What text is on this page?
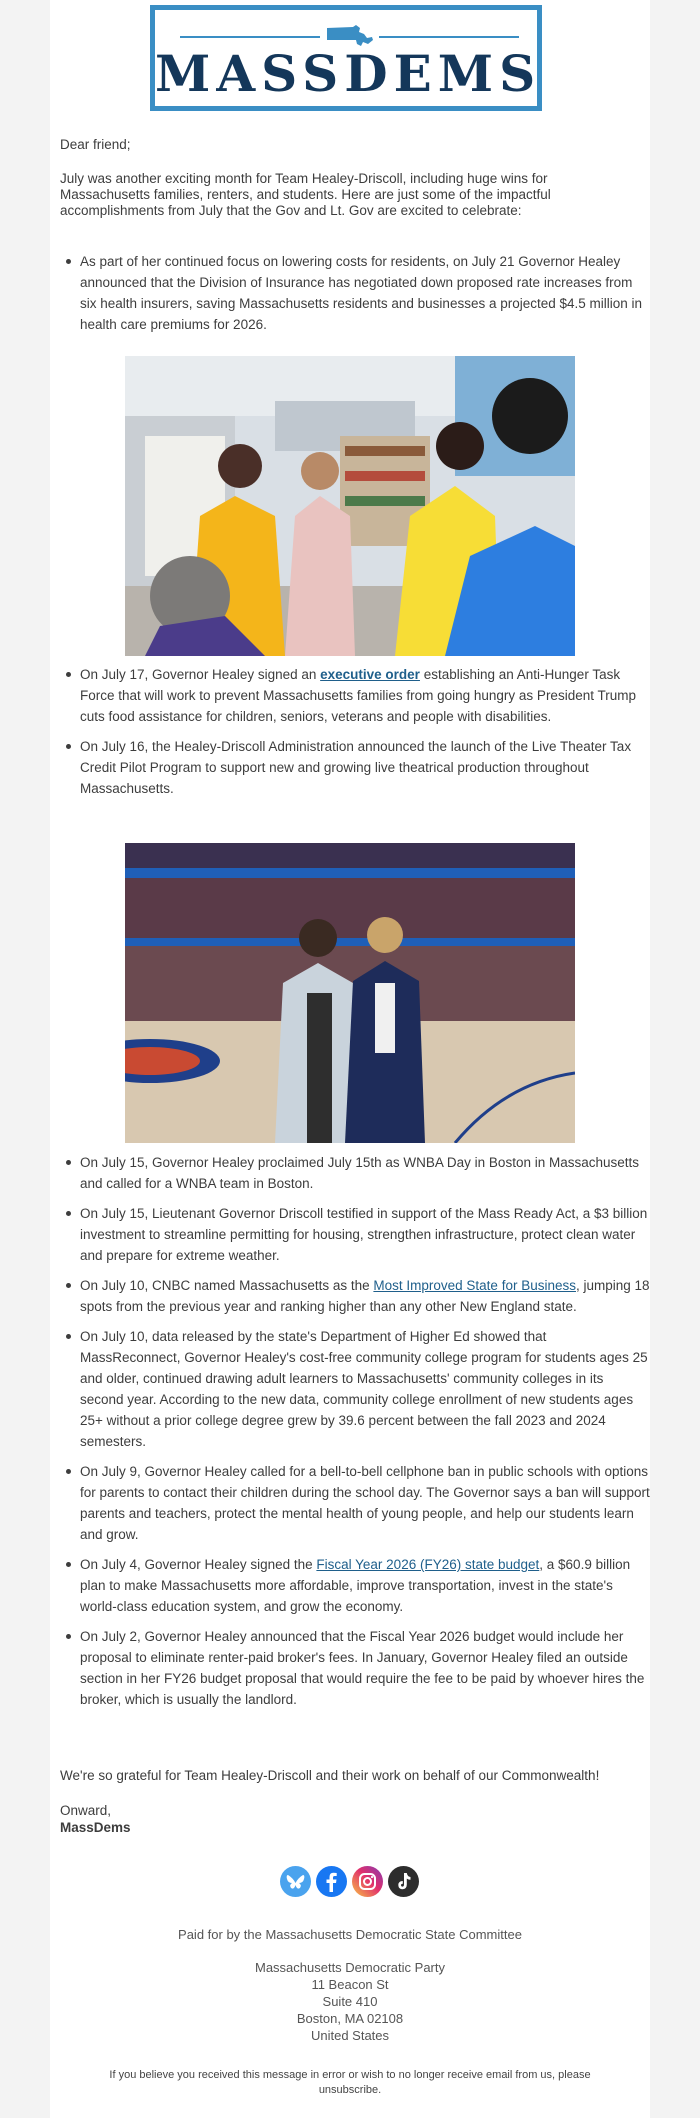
MASSDEMS

Dear friend;

July was another exciting month for Team Healey-Driscoll, including huge wins for Massachusetts families, renters, and students. Here are just some of the impactful accomplishments from July that the Gov and Lt. Gov are excited to celebrate:

As part of her continued focus on lowering costs for residents, on July 21 Governor Healey announced that the Division of Insurance has negotiated down proposed rate increases from six health insurers, saving Massachusetts residents and businesses a projected $4.5 million in health care premiums for 2026.
On July 17, Governor Healey signed an executive order establishing an Anti-Hunger Task Force that will work to prevent Massachusetts families from going hungry as President Trump cuts food assistance for children, seniors, veterans and people with disabilities.
On July 16, the Healey-Driscoll Administration announced the launch of the Live Theater Tax Credit Pilot Program to support new and growing live theatrical production throughout Massachusetts.
On July 15, Governor Healey proclaimed July 15th as WNBA Day in Boston in Massachusetts and called for a WNBA team in Boston.
On July 15, Lieutenant Governor Driscoll testified in support of the Mass Ready Act, a $3 billion investment to streamline permitting for housing, strengthen infrastructure, protect clean water and prepare for extreme weather.
On July 10, CNBC named Massachusetts as the Most Improved State for Business, jumping 18 spots from the previous year and ranking higher than any other New England state.
On July 10, data released by the state's Department of Higher Ed showed that MassReconnect, Governor Healey's cost-free community college program for students ages 25 and older, continued drawing adult learners to Massachusetts' community colleges in its second year. According to the new data, community college enrollment of new students ages 25+ without a prior college degree grew by 39.6 percent between the fall 2023 and 2024 semesters.
On July 9, Governor Healey called for a bell-to-bell cellphone ban in public schools with options for parents to contact their children during the school day. The Governor says a ban will support parents and teachers, protect the mental health of young people, and help our students learn and grow.
On July 4, Governor Healey signed the Fiscal Year 2026 (FY26) state budget, a $60.9 billion plan to make Massachusetts more affordable, improve transportation, invest in the state's world-class education system, and grow the economy.
On July 2, Governor Healey announced that the Fiscal Year 2026 budget would include her proposal to eliminate renter-paid broker's fees. In January, Governor Healey filed an outside section in her FY26 budget proposal that would require the fee to be paid by whoever hires the broker, which is usually the landlord.

We're so grateful for Team Healey-Driscoll and their work on behalf of our Commonwealth!

Onward,

MassDems

Paid for by the Massachusetts Democratic State Committee
Massachusetts Democratic Party
11 Beacon St
Suite 410
Boston, MA 02108
United States
If you believe you received this message in error or wish to no longer receive email from us, please
unsubscribe.
